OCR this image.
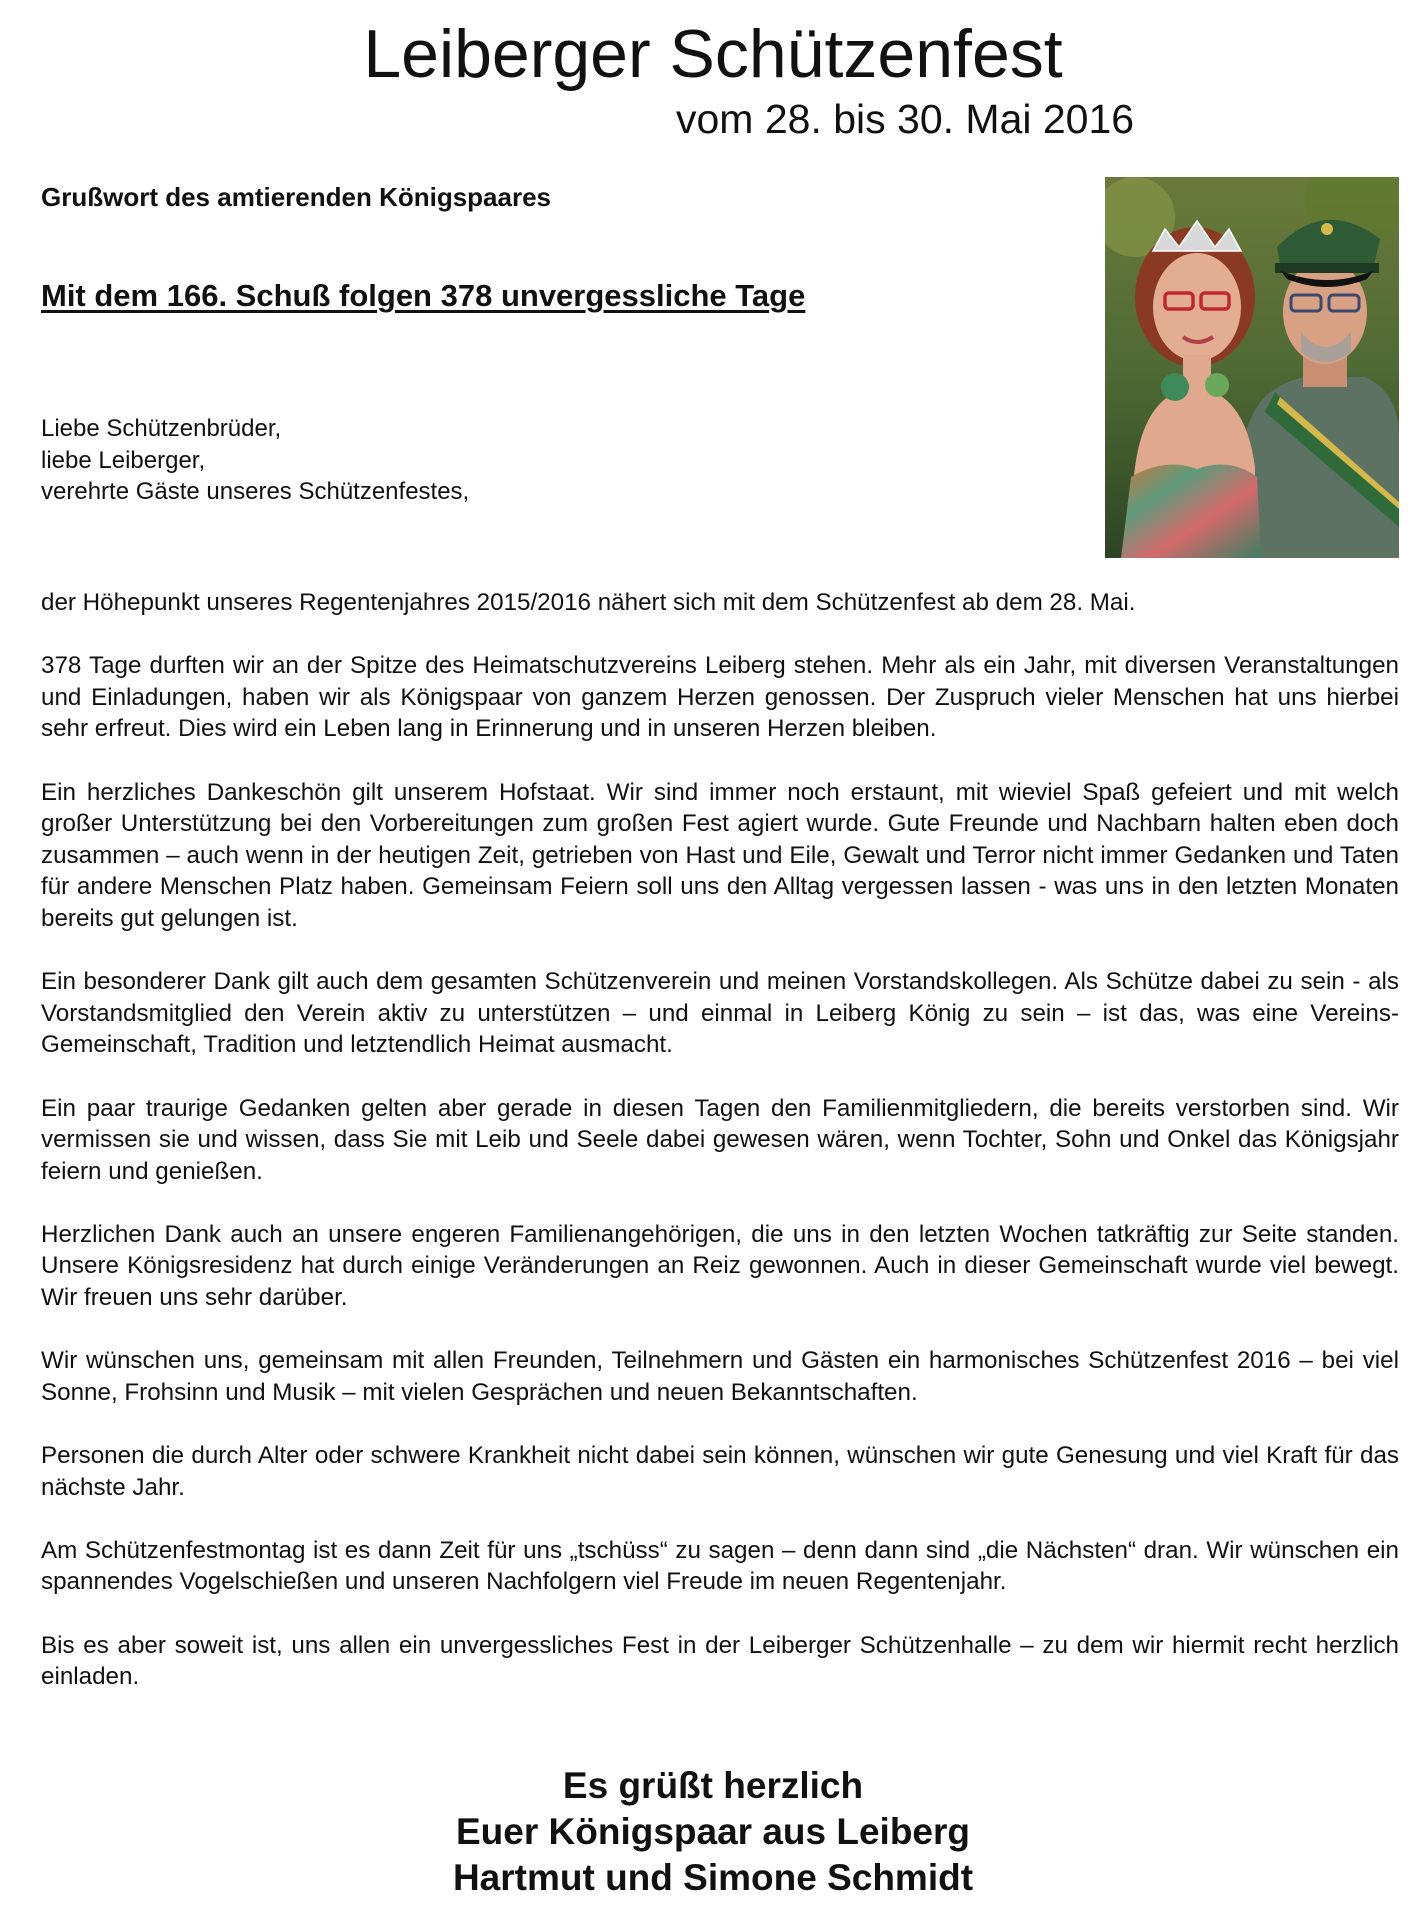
Leiberger Schützenfest
vom 28. bis 30. Mai 2016
Grußwort des amtierenden Königspaares
Mit dem 166. Schuß folgen 378 unvergessliche Tage
Liebe Schützenbrüder,
liebe Leiberger,
verehrte Gäste unseres Schützenfestes,

der Höhepunkt unseres Regentenjahres 2015/2016 nähert sich mit dem Schützenfest ab dem 28. Mai.

378 Tage durften wir an der Spitze des Heimatschutzvereins Leiberg stehen. Mehr als ein Jahr, mit diversen Veranstaltungen und Einladungen, haben wir als Königspaar von ganzem Herzen genossen. Der Zuspruch vieler Menschen hat uns hierbei sehr erfreut. Dies wird ein Leben lang in Erinnerung und in unseren Herzen bleiben.

Ein herzliches Dankeschön gilt unserem Hofstaat. Wir sind immer noch erstaunt, mit wieviel Spaß gefeiert und mit welch großer Unterstützung bei den Vorbereitungen zum großen Fest agiert wurde. Gute Freunde und Nachbarn halten eben doch zusammen – auch wenn in der heutigen Zeit, getrieben von Hast und Eile, Gewalt und Terror nicht immer Gedanken und Taten für andere Menschen Platz haben. Gemeinsam Feiern soll uns den Alltag vergessen lassen - was uns in den letzten Monaten bereits gut gelungen ist.

Ein besonderer Dank gilt auch dem gesamten Schützenverein und meinen Vorstandskollegen. Als Schütze dabei zu sein - als Vorstandsmitglied den Verein aktiv zu unterstützen – und einmal in Leiberg König zu sein – ist das, was eine Vereins-Gemeinschaft, Tradition und letztendlich Heimat ausmacht.

Ein paar traurige Gedanken gelten aber gerade in diesen Tagen den Familienmitgliedern, die bereits verstorben sind. Wir vermissen sie und wissen, dass Sie mit Leib und Seele dabei gewesen wären, wenn Tochter, Sohn und Onkel das Königsjahr feiern und genießen.

Herzlichen Dank auch an unsere engeren Familienangehörigen, die uns in den letzten Wochen tatkräftig zur Seite standen. Unsere Königsresidenz hat durch einige Veränderungen an Reiz gewonnen. Auch in dieser Gemeinschaft wurde viel bewegt. Wir freuen uns sehr darüber.

Wir wünschen uns, gemeinsam mit allen Freunden, Teilnehmern und Gästen ein harmonisches Schützenfest 2016 – bei viel Sonne, Frohsinn und Musik – mit vielen Gesprächen und neuen Bekanntschaften.

Personen die durch Alter oder schwere Krankheit nicht dabei sein können, wünschen wir gute Genesung und viel Kraft für das nächste Jahr.

Am Schützenfestmontag ist es dann Zeit für uns „tschüss“ zu sagen – denn dann sind „die Nächsten“ dran. Wir wünschen ein spannendes Vogelschießen und unseren Nachfolgern viel Freude im neuen Regentenjahr.

Bis es aber soweit ist, uns allen ein unvergessliches Fest in der Leiberger Schützenhalle – zu dem wir hiermit recht herzlich einladen.

Es grüßt herzlich
Euer Königspaar aus Leiberg
Hartmut und Simone Schmidt
